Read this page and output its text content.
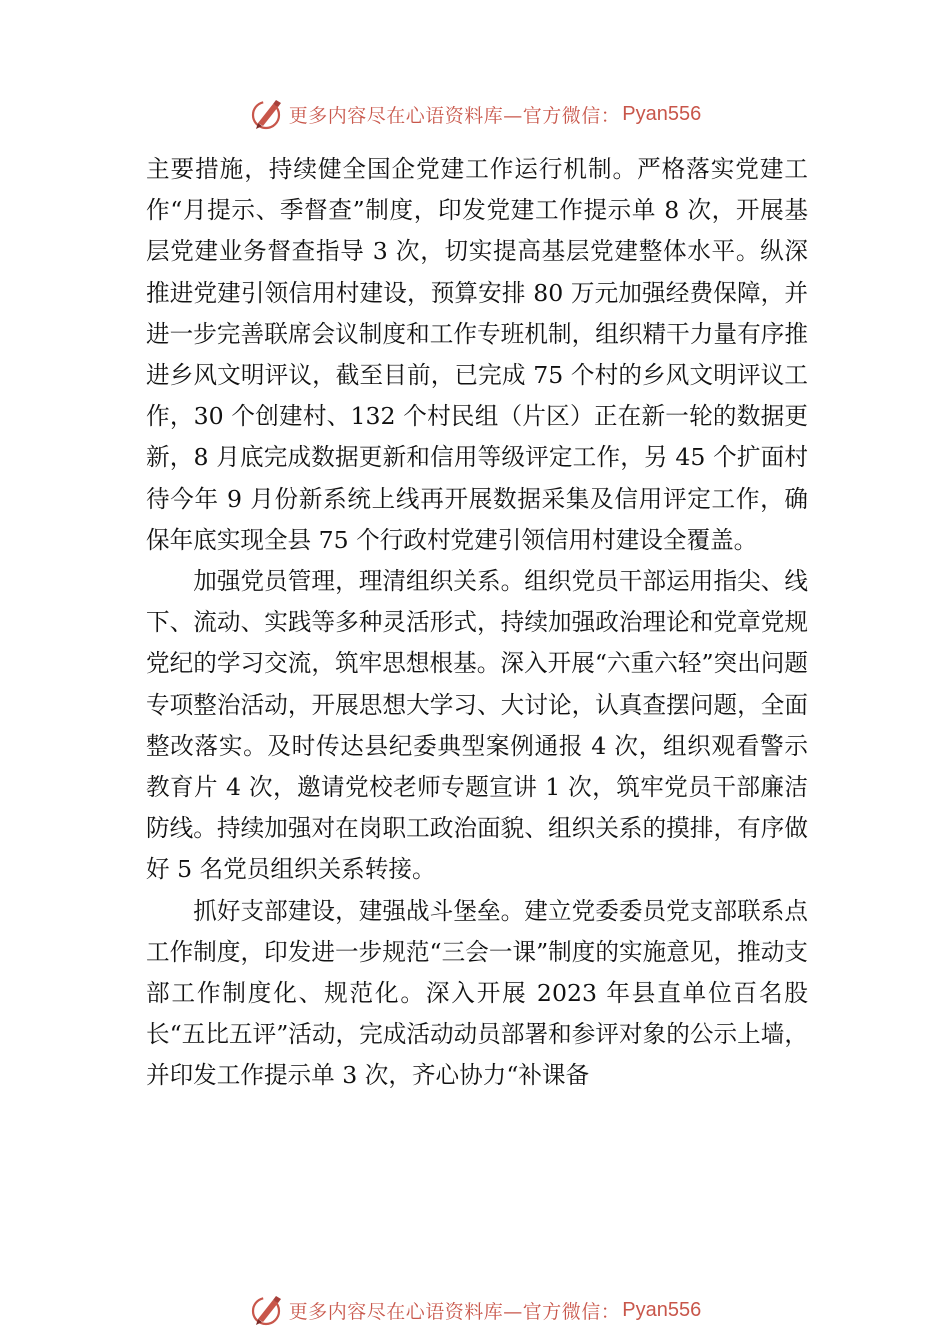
更多内容尽在心语资料库—官方微信： Pyan556

主要措施，持续健全国企党建工作运行机制。严格落实党建工作“月提示、季督查”制度，印发党建工作提示单 8 次，开展基层党建业务督查指导 3 次，切实提高基层党建整体水平。纵深推进党建引领信用村建设，预算安排 80 万元加强经费保障，并进一步完善联席会议制度和工作专班机制，组织精干力量有序推进乡风文明评议，截至目前，已完成 75 个村的乡风文明评议工作，30 个创建村、132 个村民组（片区）正在新一轮的数据更新，8 月底完成数据更新和信用等级评定工作，另 45 个扩面村待今年 9 月份新系统上线再开展数据采集及信用评定工作，确保年底实现全县 75 个行政村党建引领信用村建设全覆盖。

加强党员管理，理清组织关系。组织党员干部运用指尖、线下、流动、实践等多种灵活形式，持续加强政治理论和党章党规党纪的学习交流，筑牢思想根基。深入开展“六重六轻”突出问题专项整治活动，开展思想大学习、大讨论，认真查摆问题，全面整改落实。及时传达县纪委典型案例通报 4 次，组织观看警示教育片 4 次，邀请党校老师专题宣讲 1 次，筑牢党员干部廉洁防线。持续加强对在岗职工政治面貌、组织关系的摸排，有序做好 5 名党员组织关系转接。

抓好支部建设，建强战斗堡垒。建立党委委员党支部联系点工作制度，印发进一步规范“三会一课”制度的实施意见，推动支部工作制度化、规范化。深入开展 2023 年县直单位百名股长“五比五评”活动，完成活动动员部署和参评对象的公示上墙，并印发工作提示单 3 次，齐心协力“补课备

更多内容尽在心语资料库—官方微信： Pyan556
